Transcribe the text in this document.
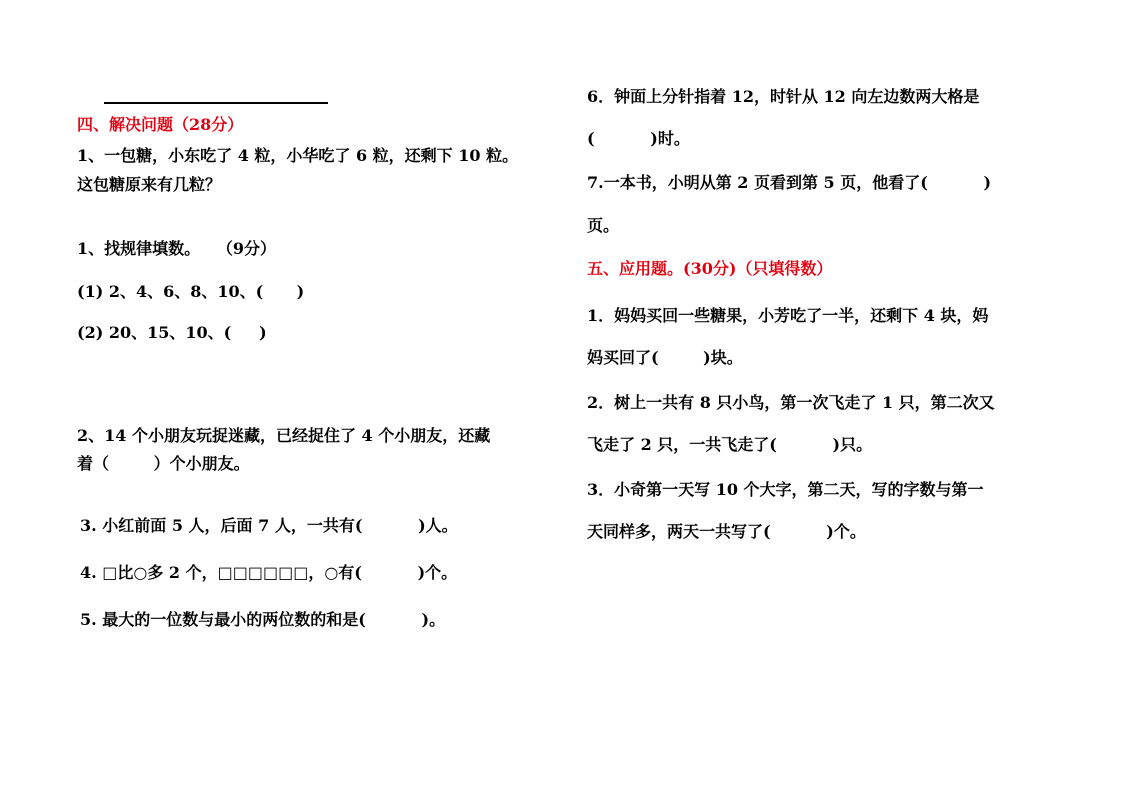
四、解决问题（28分）
1、一包糖，小东吃了 4 粒，小华吃了 6 粒，还剩下 10 粒。
这包糖原来有几粒？
1、找规律填数。   （9分）
(1) 2、4、6、8、10、(      )
(2) 20、15、10、(     )
2、14 个小朋友玩捉迷藏，已经捉住了 4 个小朋友，还藏
着（        ）个小朋友。
3. 小红前面 5 人，后面 7 人，一共有(          )人。
4. □比○多 2 个，□□□□□□，○有(          )个。
5. 最大的一位数与最小的两位数的和是(          )。
6．钟面上分针指着 12，时针从 12 向左边数两大格是
(          )时。
7.一本书，小明从第 2 页看到第 5 页，他看了(          )
页。
五、应用题。(30分)（只填得数）
1．妈妈买回一些糖果，小芳吃了一半，还剩下 4 块，妈
妈买回了(        )块。
2．树上一共有 8 只小鸟，第一次飞走了 1 只，第二次又
飞走了 2 只，一共飞走了(          )只。
3．小奇第一天写 10 个大字，第二天，写的字数与第一
天同样多，两天一共写了(          )个。
